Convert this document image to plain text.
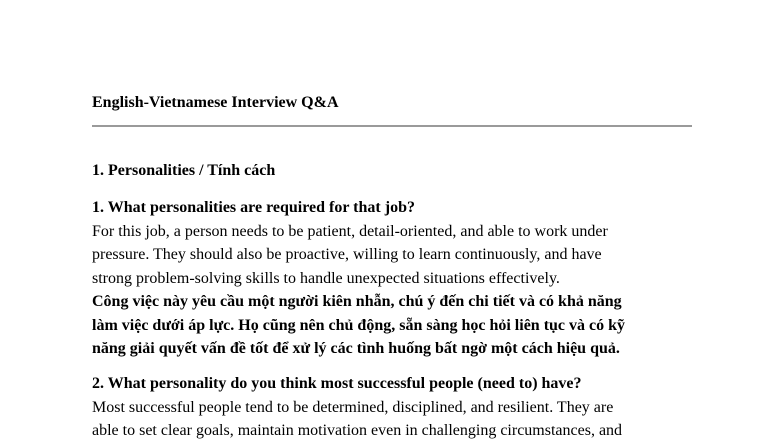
English-Vietnamese Interview Q&A
1. Personalities / Tính cách
1. What personalities are required for that job?

For this job, a person needs to be patient, detail-oriented, and able to work under
pressure. They should also be proactive, willing to learn continuously, and have
strong problem-solving skills to handle unexpected situations effectively.

Công việc này yêu cầu một người kiên nhẫn, chú ý đến chi tiết và có khả năng
làm việc dưới áp lực. Họ cũng nên chủ động, sẵn sàng học hỏi liên tục và có kỹ
năng giải quyết vấn đề tốt để xử lý các tình huống bất ngờ một cách hiệu quả.

2. What personality do you think most successful people (need to) have?

Most successful people tend to be determined, disciplined, and resilient. They are
able to set clear goals, maintain motivation even in challenging circumstances, and
